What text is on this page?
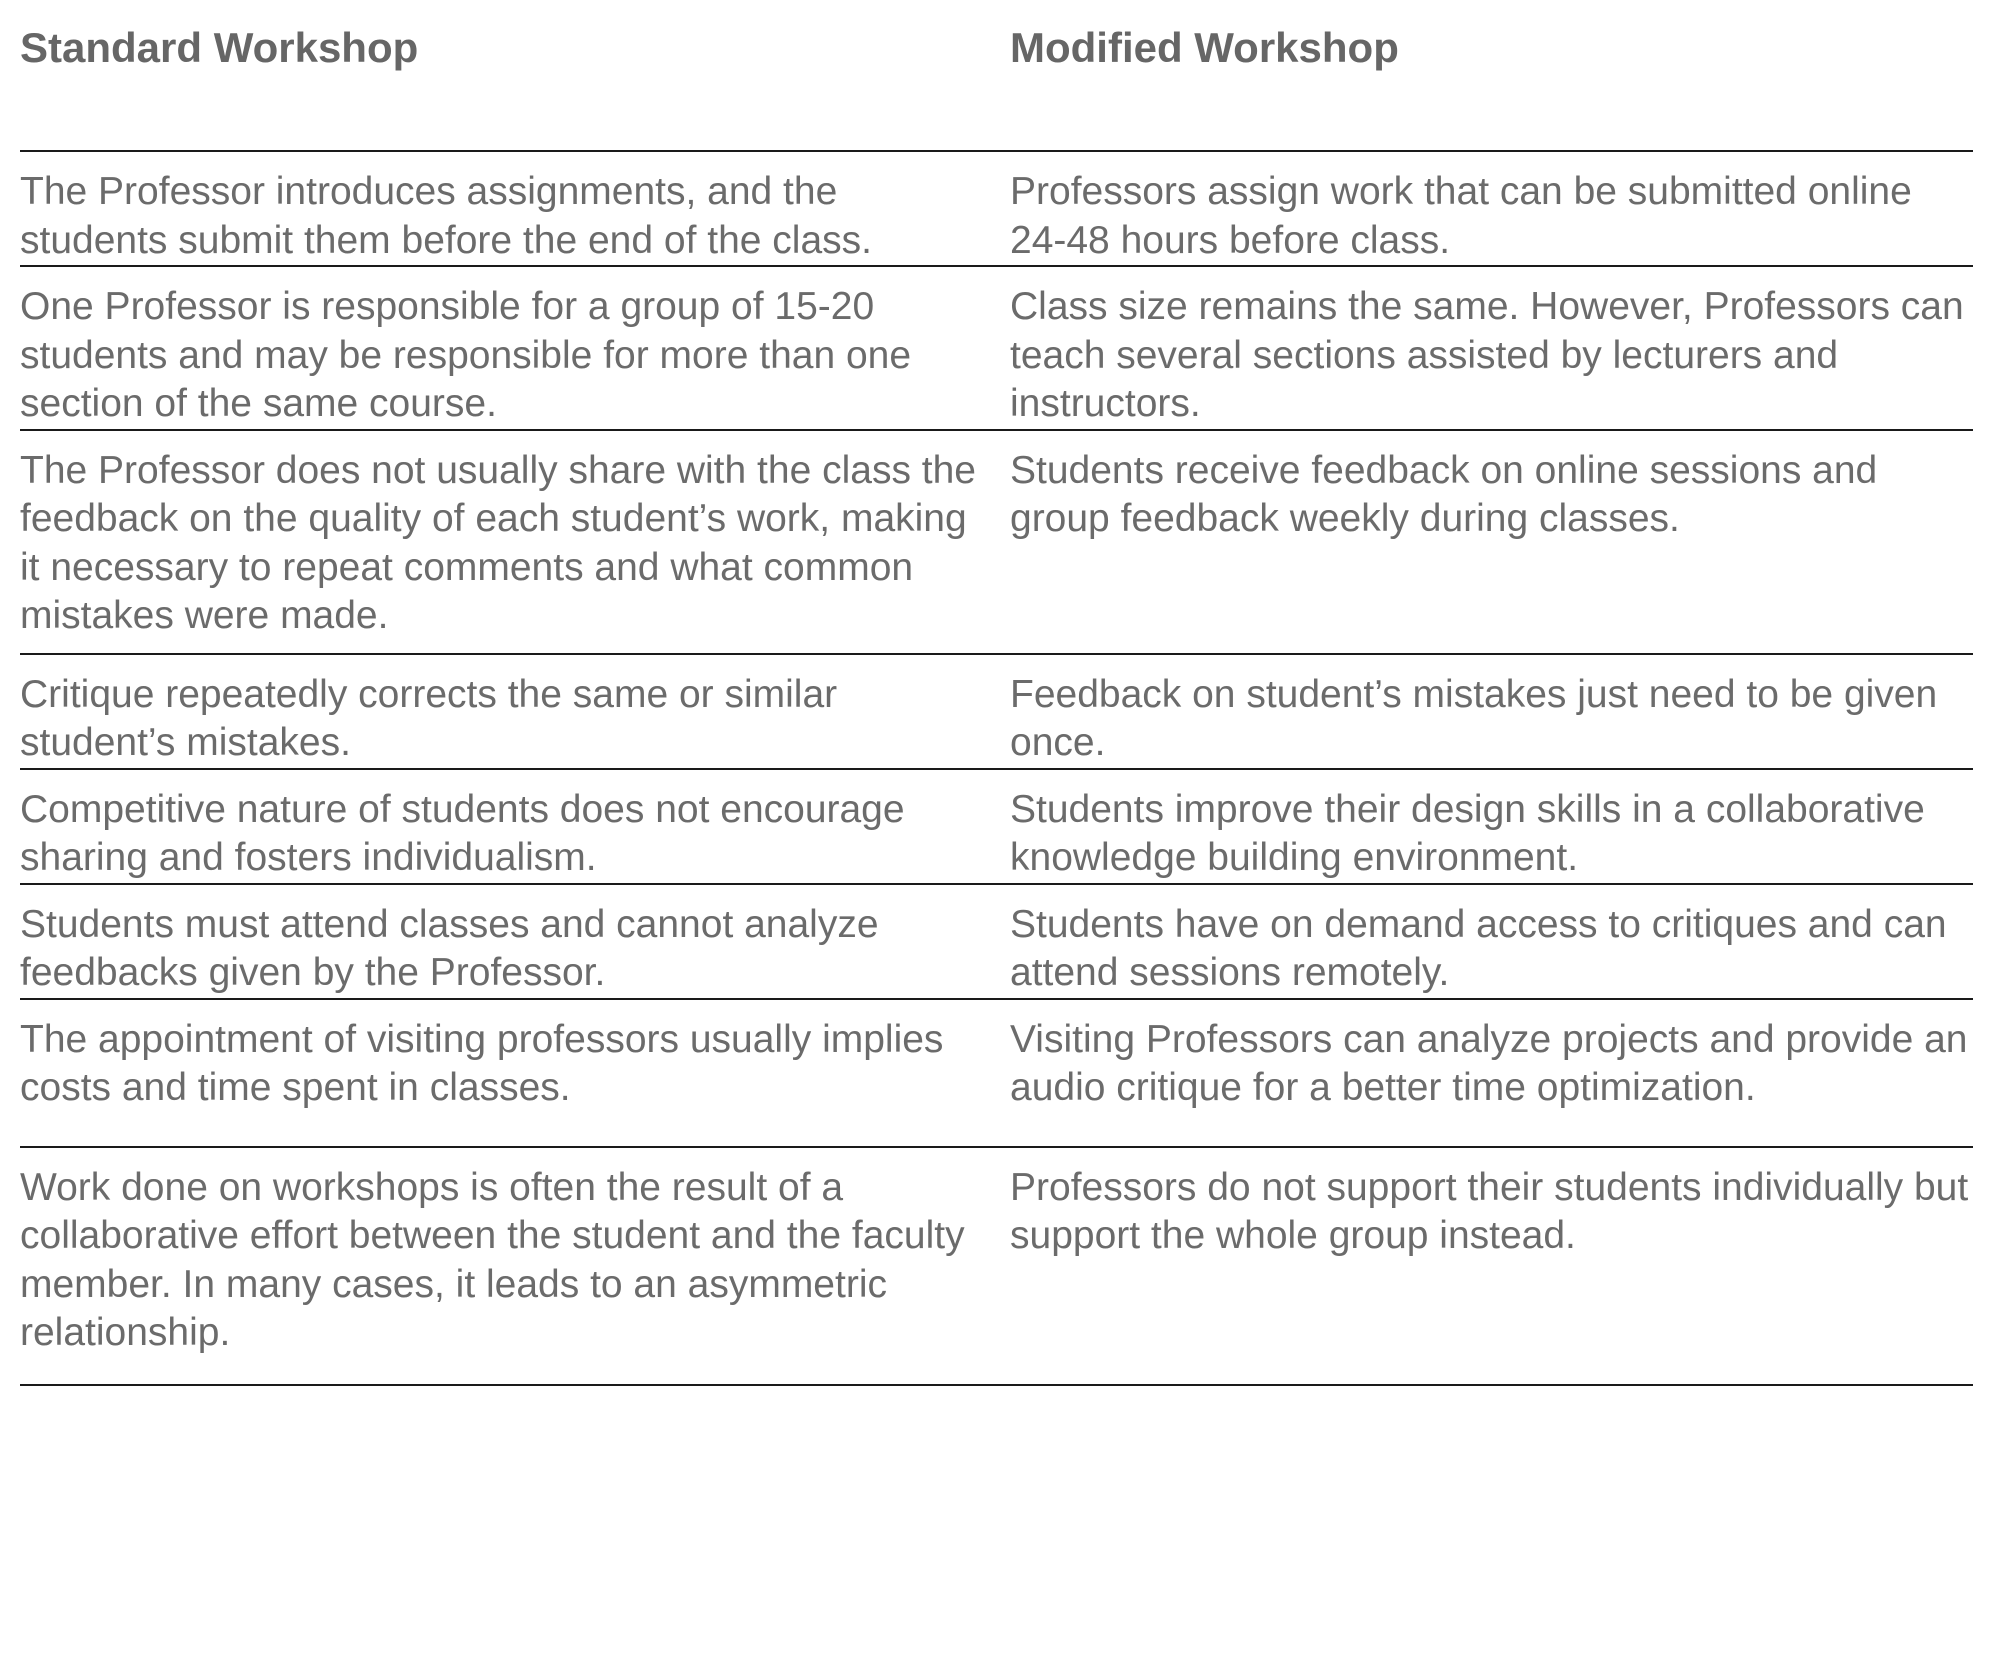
Standard Workshop	Modified Workshop
The Professor introduces assignments, and the students submit them before the end of the class.	Professors assign work that can be submitted online 24-48 hours before class.

One Professor is responsible for a group of 15-20 students and may be responsible for more than one section of the same course.	Class size remains the same. However, Professors can teach several sections assisted by lecturers and instructors.

The Professor does not usually share with the class the feedback on the quality of each student’s work, making it necessary to repeat comments and what common mistakes were made.	Students receive feedback on online sessions and group feedback weekly during classes.

Critique repeatedly corrects the same or similar student’s mistakes.	Feedback on student’s mistakes just need to be given once.

Competitive nature of students does not encourage sharing and fosters individualism.	Students improve their design skills in a collaborative knowledge building environment.

Students must attend classes and cannot analyze feedbacks given by the Professor.	Students have on demand access to critiques and can attend sessions remotely.

The appointment of visiting professors usually implies costs and time spent in classes.	Visiting Professors can analyze projects and provide an audio critique for a better time optimization.

Work done on workshops is often the result of a collaborative effort between the student and the faculty member. In many cases, it leads to an asymmetric relationship.	Professors do not support their students individually but support the whole group instead.
